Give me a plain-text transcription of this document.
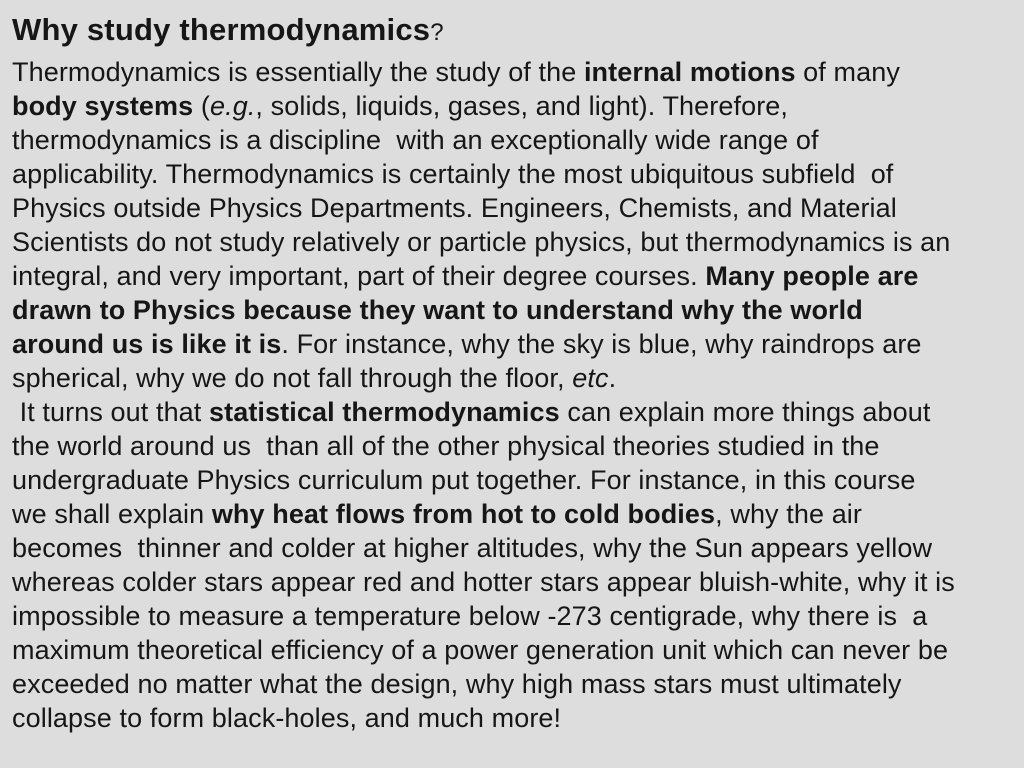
Why study thermodynamics?
Thermodynamics is essentially the study of the internal motions of many
body systems (e.g., solids, liquids, gases, and light). Therefore,
thermodynamics is a discipline  with an exceptionally wide range of
applicability. Thermodynamics is certainly the most ubiquitous subfield  of
Physics outside Physics Departments. Engineers, Chemists, and Material
Scientists do not study relatively or particle physics, but thermodynamics is an
integral, and very important, part of their degree courses. Many people are
drawn to Physics because they want to understand why the world
around us is like it is. For instance, why the sky is blue, why raindrops are
spherical, why we do not fall through the floor, etc.
It turns out that statistical thermodynamics can explain more things about
the world around us  than all of the other physical theories studied in the
undergraduate Physics curriculum put together. For instance, in this course
we shall explain why heat flows from hot to cold bodies, why the air
becomes  thinner and colder at higher altitudes, why the Sun appears yellow
whereas colder stars appear red and hotter stars appear bluish-white, why it is
impossible to measure a temperature below -273 centigrade, why there is  a
maximum theoretical efficiency of a power generation unit which can never be
exceeded no matter what the design, why high mass stars must ultimately
collapse to form black-holes, and much more!
